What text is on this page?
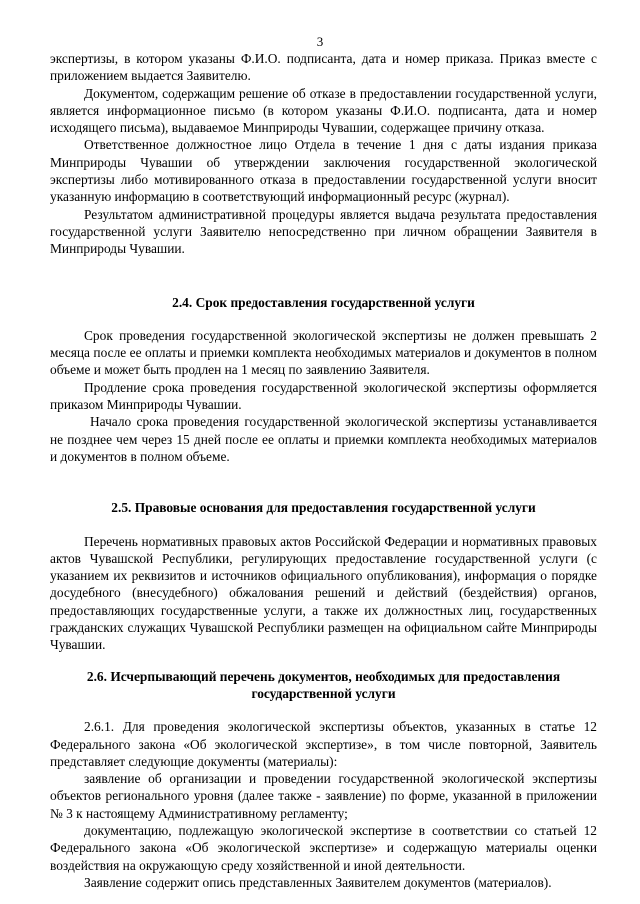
3

экспертизы, в котором указаны Ф.И.О. подписанта, дата и номер приказа. Приказ вместе с приложением выдается Заявителю.

Документом, содержащим решение об отказе в предоставлении государственной услуги, является информационное письмо (в котором указаны Ф.И.О. подписанта, дата и номер исходящего письма), выдаваемое Минприроды Чувашии, содержащее причину отказа.

Ответственное должностное лицо Отдела в течение 1 дня с даты издания приказа Минприроды Чувашии об утверждении заключения государственной экологической экспертизы либо мотивированного отказа в предоставлении государственной услуги вносит указанную информацию в соответствующий информационный ресурс (журнал).

Результатом административной процедуры является выдача результата предоставления государственной услуги Заявителю непосредственно при личном обращении Заявителя в Минприроды Чувашии.

2.4. Срок предоставления государственной услуги

Срок проведения государственной экологической экспертизы не должен превышать 2 месяца после ее оплаты и приемки комплекта необходимых материалов и документов в полном объеме и может быть продлен на 1 месяц по заявлению Заявителя.

Продление срока проведения государственной экологической экспертизы оформляется приказом Минприроды Чувашии.

Начало срока проведения государственной экологической экспертизы устанавливается не позднее чем через 15 дней после ее оплаты и приемки комплекта необходимых материалов и документов в полном объеме.

2.5. Правовые основания для предоставления государственной услуги

Перечень нормативных правовых актов Российской Федерации и нормативных правовых актов Чувашской Республики, регулирующих предоставление государственной услуги (с указанием их реквизитов и источников официального опубликования), информация о порядке досудебного (внесудебного) обжалования решений и действий (бездействия) органов, предоставляющих государственные услуги, а также их должностных лиц, государственных гражданских служащих Чувашской Республики размещен на официальном сайте Минприроды Чувашии.

2.6. Исчерпывающий перечень документов, необходимых для предоставления государственной услуги

2.6.1. Для проведения экологической экспертизы объектов, указанных в статье 12 Федерального закона «Об экологической экспертизе», в том числе повторной, Заявитель представляет следующие документы (материалы):

заявление об организации и проведении государственной экологической экспертизы объектов регионального уровня (далее также - заявление) по форме, указанной в приложении № 3 к настоящему Административному регламенту;

документацию, подлежащую экологической экспертизе в соответствии со статьей 12 Федерального закона «Об экологической экспертизе» и содержащую материалы оценки воздействия на окружающую среду хозяйственной и иной деятельности.

Заявление содержит опись представленных Заявителем документов (материалов).
